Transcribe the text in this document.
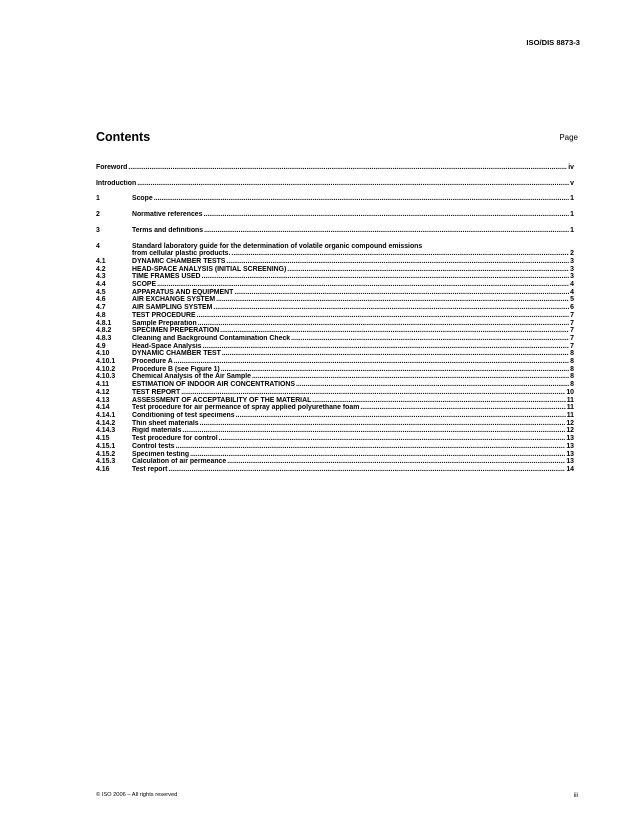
ISO/DIS 8873-3
Contents	Page
Foreword .....	iv
Introduction .....	v
1	Scope .....	1
2	Normative references .....	1
3	Terms and definitions .....	1
4	Standard laboratory guide for the determination of volatile organic compound emissions
from cellular plastic products. .....	2
4.1	DYNAMIC CHAMBER TESTS .....	3
4.2	HEAD-SPACE ANALYSIS (INITIAL SCREENING) .....	3
4.3	TIME FRAMES USED .....	3
4.4	SCOPE .....	4
4.5	APPARATUS AND EQUIPMENT .....	4
4.6	AIR EXCHANGE SYSTEM .....	5
4.7	AIR SAMPLING SYSTEM .....	6
4.8	TEST PROCEDURE .....	7
4.8.1	Sample Preparation .....	7
4.8.2	SPECIMEN PREPERATION .....	7
4.8.3	Cleaning and Background Contamination Check .....	7
4.9	Head-Space Analysis .....	7
4.10	DYNAMIC CHAMBER TEST .....	8
4.10.1	Procedure A .....	8
4.10.2	Procedure B (see Figure 1) .....	8
4.10.3	Chemical Analysis of the Air Sample .....	8
4.11	ESTIMATION OF INDOOR AIR CONCENTRATIONS .....	8
4.12	TEST REPORT .....	10
4.13	ASSESSMENT OF ACCEPTABILITY OF THE MATERIAL .....	11
4.14	Test procedure for air permeance of spray applied polyurethane foam .....	11
4.14.1	Conditioning of test specimens .....	11
4.14.2	Thin sheet materials .....	12
4.14.3	Rigid materials .....	12
4.15	Test procedure for control .....	13
4.15.1	Control tests .....	13
4.15.2	Specimen testing .....	13
4.15.3	Calculation of air permeance .....	13
4.16	Test report .....	14
© ISO 2006 – All rights reserved	iii
